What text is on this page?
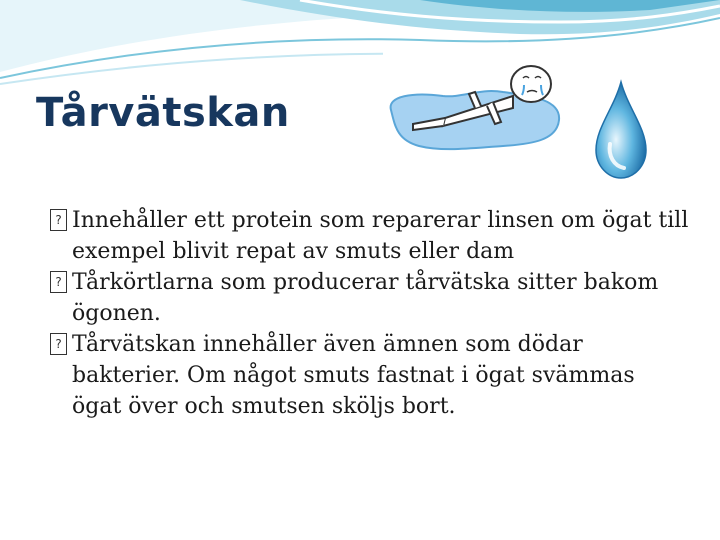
Tårvätskan

? Innehåller ett protein som reparerar linsen om ögat till exempel blivit repat av smuts eller dam

? Tårkörtlarna som producerar tårvätska sitter bakom ögonen.

? Tårvätskan innehåller även ämnen som dödar bakterier. Om något smuts fastnat i ögat svämmas ögat över och smutsen sköljs bort.
